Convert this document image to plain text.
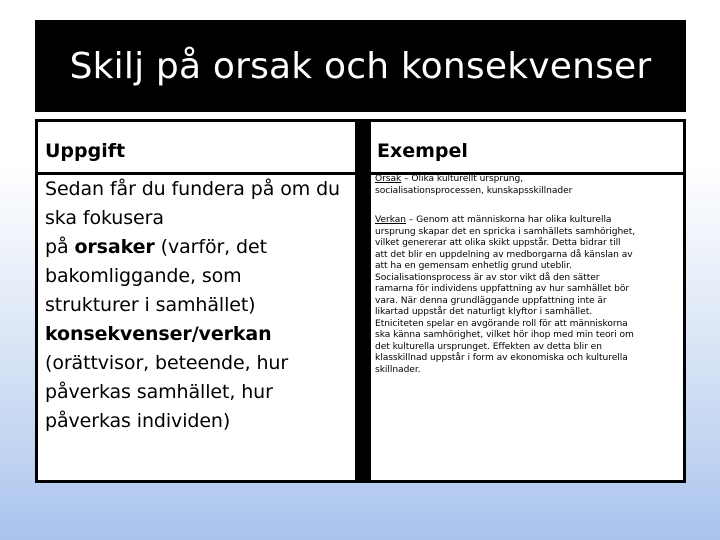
Skilj på orsak och konsekvenser
Uppgift	Exempel
Sedan får du fundera på om du
ska fokusera
på orsaker (varför, det
bakomliggande, som
strukturer i samhället)
konsekvenser/verkan
(orättvisor, beteende, hur
påverkas samhället, hur
påverkas individen)
Orsak – Olika kulturellt ursprung,
socialisationsprocessen, kunskapsskillnader
Verkan – Genom att människorna har olika kulturella
ursprung skapar det en spricka i samhällets samhörighet,
vilket genererar att olika skikt uppstår. Detta bidrar till
att det blir en uppdelning av medborgarna då känslan av
att ha en gemensam enhetlig grund uteblir.
Socialisationsprocess är av stor vikt då den sätter
ramarna för individens uppfattning av hur samhället bör
vara. När denna grundläggande uppfattning inte är
likartad uppstår det naturligt klyftor i samhället.
Etniciteten spelar en avgörande roll för att människorna
ska känna samhörighet, vilket hör ihop med min teori om
det kulturella ursprunget. Effekten av detta blir en
klasskillnad uppstår i form av ekonomiska och kulturella
skillnader.
